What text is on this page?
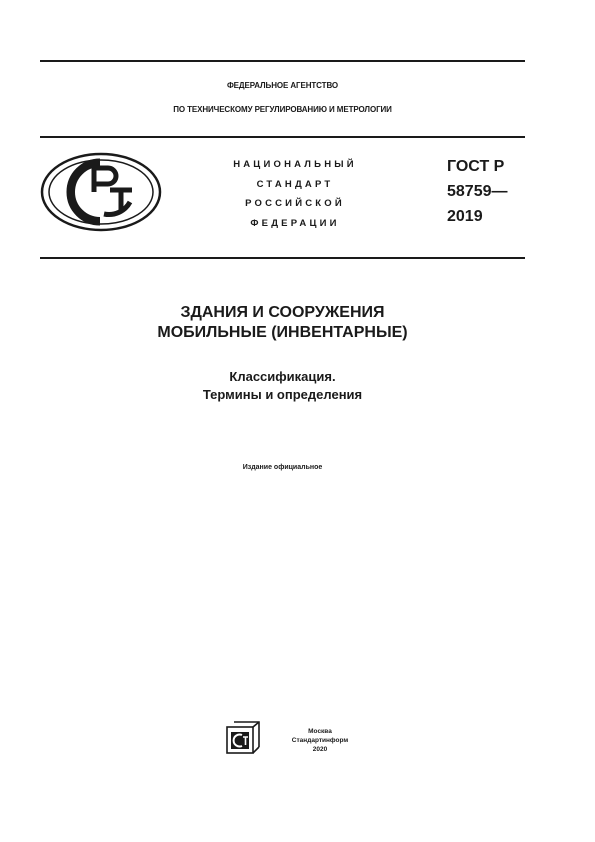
ФЕДЕРАЛЬНОЕ АГЕНТСТВО
ПО ТЕХНИЧЕСКОМУ РЕГУЛИРОВАНИЮ И МЕТРОЛОГИИ
НАЦИОНАЛЬНЫЙ
СТАНДАРТ
РОССИЙСКОЙ
ФЕДЕРАЦИИ
ГОСТ Р
58759—
2019
ЗДАНИЯ И СООРУЖЕНИЯ
МОБИЛЬНЫЕ (ИНВЕНТАРНЫЕ)
Классификация.
Термины и определения
Издание официальное
Москва
Стандартинформ
2020
